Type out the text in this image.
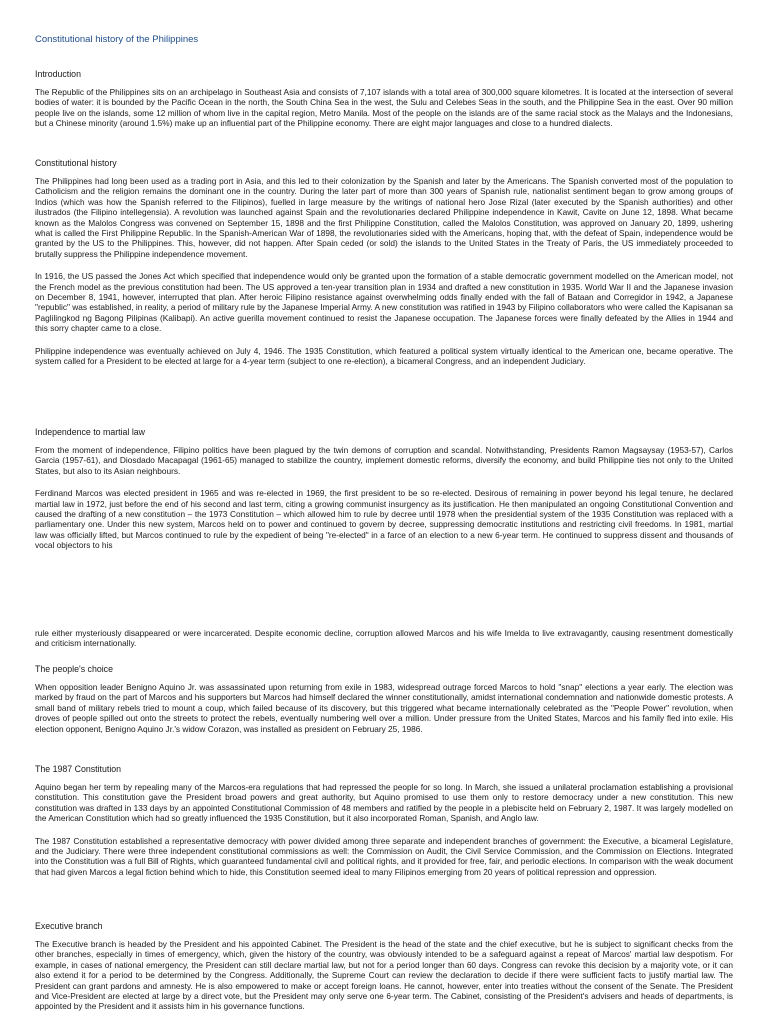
Constitutional history of the Philippines

Introduction

The Republic of the Philippines sits on an archipelago in Southeast Asia and consists of 7,107 islands with a total area of 300,000 square kilometres. It is located at the intersection of several bodies of water: it is bounded by the Pacific Ocean in the north, the South China Sea in the west, the Sulu and Celebes Seas in the south, and the Philippine Sea in the east. Over 90 million people live on the islands, some 12 million of whom live in the capital region, Metro Manila. Most of the people on the islands are of the same racial stock as the Malays and the Indonesians, but a Chinese minority (around 1.5%) make up an influential part of the Philippine economy. There are eight major languages and close to a hundred dialects.

Constitutional history

The Philippines had long been used as a trading port in Asia, and this led to their colonization by the Spanish and later by the Americans. The Spanish converted most of the population to Catholicism and the religion remains the dominant one in the country. During the later part of more than 300 years of Spanish rule, nationalist sentiment began to grow among groups of Indios (which was how the Spanish referred to the Filipinos), fuelled in large measure by the writings of national hero Jose Rizal (later executed by the Spanish authorities) and other ilustrados (the Filipino intellegensia). A revolution was launched against Spain and the revolutionaries declared Philippine independence in Kawit, Cavite on June 12, 1898. What became known as the Malolos Congress was convened on September 15, 1898 and the first Philippine Constitution, called the Malolos Constitution, was approved on January 20, 1899, ushering what is called the First Philippine Republic. In the Spanish-American War of 1898, the revolutionaries sided with the Americans, hoping that, with the defeat of Spain, independence would be granted by the US to the Philippines. This, however, did not happen. After Spain ceded (or sold) the islands to the United States in the Treaty of Paris, the US immediately proceeded to brutally suppress the Philippine independence movement.

In 1916, the US passed the Jones Act which specified that independence would only be granted upon the formation of a stable democratic government modelled on the American model, not the French model as the previous constitution had been. The US approved a ten-year transition plan in 1934 and drafted a new constitution in 1935. World War II and the Japanese invasion on December 8, 1941, however, interrupted that plan. After heroic Filipino resistance against overwhelming odds finally ended with the fall of Bataan and Corregidor in 1942, a Japanese "republic" was established, in reality, a period of military rule by the Japanese Imperial Army. A new constitution was ratified in 1943 by Filipino collaborators who were called the Kapisanan sa Paglilingkod ng Bagong Pilipinas (Kalibapi). An active guerilla movement continued to resist the Japanese occupation. The Japanese forces were finally defeated by the Allies in 1944 and this sorry chapter came to a close.

Philippine independence was eventually achieved on July 4, 1946. The 1935 Constitution, which featured a political system virtually identical to the American one, became operative. The system called for a President to be elected at large for a 4-year term (subject to one re-election), a bicameral Congress, and an independent Judiciary.

Independence to martial law

From the moment of independence, Filipino politics have been plagued by the twin demons of corruption and scandal. Notwithstanding, Presidents Ramon Magsaysay (1953-57), Carlos Garcia (1957-61), and Diosdado Macapagal (1961-65) managed to stabilize the country, implement domestic reforms, diversify the economy, and build Philippine ties not only to the United States, but also to its Asian neighbours.

Ferdinand Marcos was elected president in 1965 and was re-elected in 1969, the first president to be so re-elected. Desirous of remaining in power beyond his legal tenure, he declared martial law in 1972, just before the end of his second and last term, citing a growing communist insurgency as its justification. He then manipulated an ongoing Constitutional Convention and caused the drafting of a new constitution – the 1973 Constitution – which allowed him to rule by decree until 1978 when the presidential system of the 1935 Constitution was replaced with a parliamentary one. Under this new system, Marcos held on to power and continued to govern by decree, suppressing democratic institutions and restricting civil freedoms. In 1981, martial law was officially lifted, but Marcos continued to rule by the expedient of being "re-elected" in a farce of an election to a new 6-year term. He continued to suppress dissent and thousands of vocal objectors to his

rule either mysteriously disappeared or were incarcerated. Despite economic decline, corruption allowed Marcos and his wife Imelda to live extravagantly, causing resentment domestically and criticism internationally.

The people's choice

When opposition leader Benigno Aquino Jr. was assassinated upon returning from exile in 1983, widespread outrage forced Marcos to hold "snap" elections a year early. The election was marked by fraud on the part of Marcos and his supporters but Marcos had himself declared the winner constitutionally, amidst international condemnation and nationwide domestic protests. A small band of military rebels tried to mount a coup, which failed because of its discovery, but this triggered what became internationally celebrated as the "People Power" revolution, when droves of people spilled out onto the streets to protect the rebels, eventually numbering well over a million. Under pressure from the United States, Marcos and his family fled into exile. His election opponent, Benigno Aquino Jr.'s widow Corazon, was installed as president on February 25, 1986.

The 1987 Constitution

Aquino began her term by repealing many of the Marcos-era regulations that had repressed the people for so long. In March, she issued a unilateral proclamation establishing a provisional constitution. This constitution gave the President broad powers and great authority, but Aquino promised to use them only to restore democracy under a new constitution. This new constitution was drafted in 133 days by an appointed Constitutional Commission of 48 members and ratified by the people in a plebiscite held on February 2, 1987. It was largely modelled on the American Constitution which had so greatly influenced the 1935 Constitution, but it also incorporated Roman, Spanish, and Anglo law.

The 1987 Constitution established a representative democracy with power divided among three separate and independent branches of government: the Executive, a bicameral Legislature, and the Judiciary. There were three independent constitutional commissions as well: the Commission on Audit, the Civil Service Commission, and the Commission on Elections. Integrated into the Constitution was a full Bill of Rights, which guaranteed fundamental civil and political rights, and it provided for free, fair, and periodic elections. In comparison with the weak document that had given Marcos a legal fiction behind which to hide, this Constitution seemed ideal to many Filipinos emerging from 20 years of political repression and oppression.

Executive branch

The Executive branch is headed by the President and his appointed Cabinet. The President is the head of the state and the chief executive, but he is subject to significant checks from the other branches, especially in times of emergency, which, given the history of the country, was obviously intended to be a safeguard against a repeat of Marcos' martial law despotism. For example, in cases of national emergency, the President can still declare martial law, but not for a period longer than 60 days. Congress can revoke this decision by a majority vote, or it can also extend it for a period to be determined by the Congress. Additionally, the Supreme Court can review the declaration to decide if there were sufficient facts to justify martial law. The President can grant pardons and amnesty. He is also empowered to make or accept foreign loans. He cannot, however, enter into treaties without the consent of the Senate. The President and Vice-President are elected at large by a direct vote, but the President may only serve one 6-year term. The Cabinet, consisting of the President's advisers and heads of departments, is appointed by the President and it assists him in his governance functions.
